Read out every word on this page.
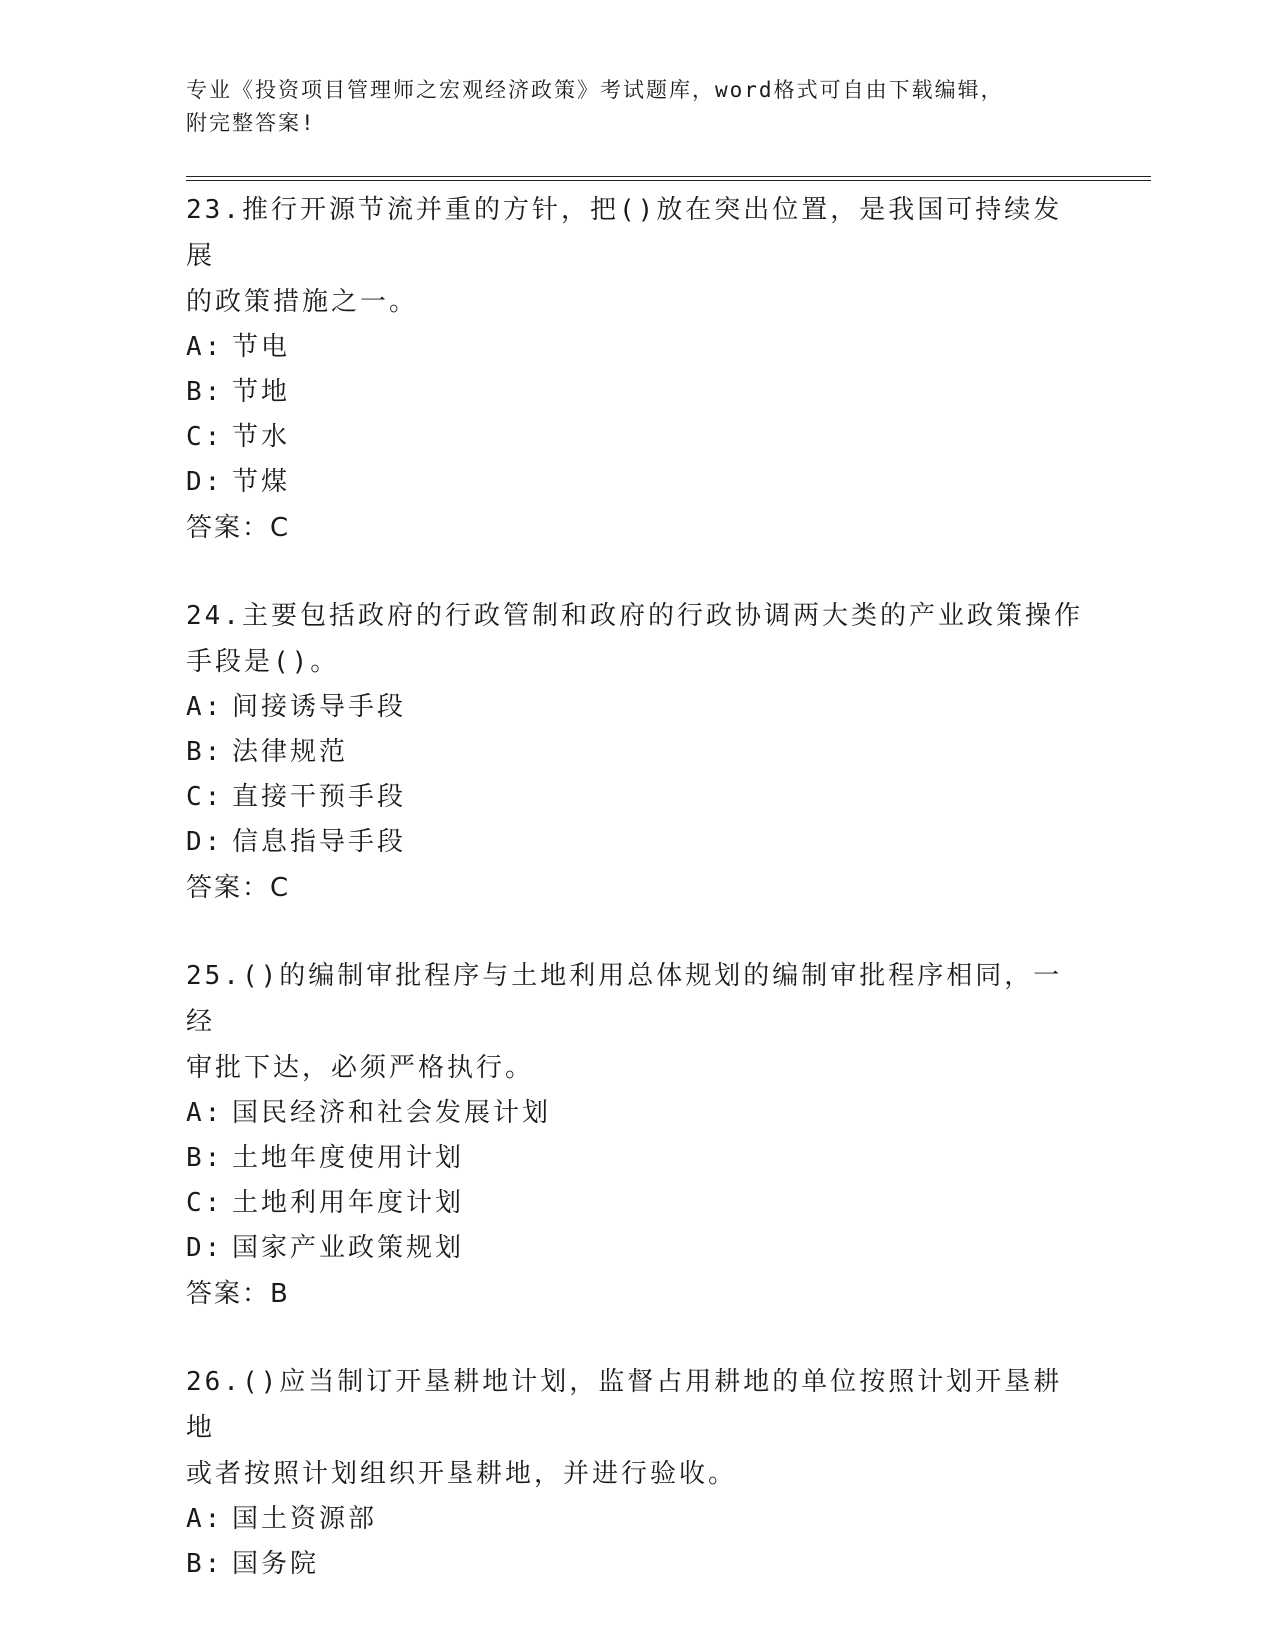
专业《投资项目管理师之宏观经济政策》考试题库，word格式可自由下载编辑，
附完整答案!

23.推行开源节流并重的方针，把()放在突出位置，是我国可持续发展

的政策措施之一。

A: 节电

B: 节地

C: 节水

D: 节煤

答案：C

24.主要包括政府的行政管制和政府的行政协调两大类的产业政策操作

手段是()。

A: 间接诱导手段

B: 法律规范

C: 直接干预手段

D: 信息指导手段

答案：C

25.()的编制审批程序与土地利用总体规划的编制审批程序相同，一经

审批下达，必须严格执行。

A: 国民经济和社会发展计划

B: 土地年度使用计划

C: 土地利用年度计划

D: 国家产业政策规划

答案：B

26.()应当制订开垦耕地计划，监督占用耕地的单位按照计划开垦耕地

或者按照计划组织开垦耕地，并进行验收。

A: 国土资源部

B: 国务院
